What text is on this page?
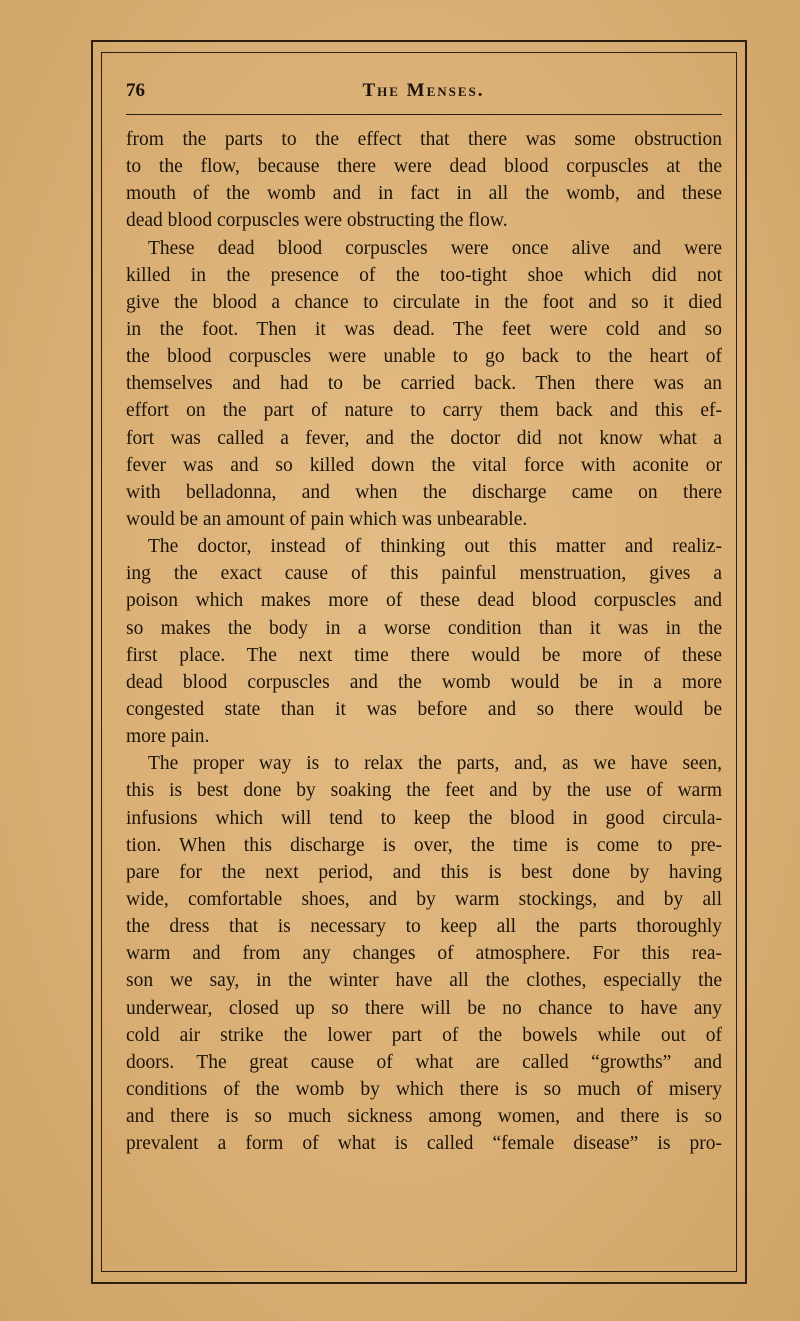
76	The Menses.
from the parts to the effect that there was some obstruction
to the flow, because there were dead blood corpuscles at the
mouth of the womb and in fact in all the womb, and these
dead blood corpuscles were obstructing the flow.
These dead blood corpuscles were once alive and were
killed in the presence of the too-tight shoe which did not
give the blood a chance to circulate in the foot and so it died
in the foot. Then it was dead. The feet were cold and so
the blood corpuscles were unable to go back to the heart of
themselves and had to be carried back. Then there was an
effort on the part of nature to carry them back and this ef-
fort was called a fever, and the doctor did not know what a
fever was and so killed down the vital force with aconite or
with belladonna, and when the discharge came on there
would be an amount of pain which was unbearable.
The doctor, instead of thinking out this matter and realiz-
ing the exact cause of this painful menstruation, gives a
poison which makes more of these dead blood corpuscles and
so makes the body in a worse condition than it was in the
first place. The next time there would be more of these
dead blood corpuscles and the womb would be in a more
congested state than it was before and so there would be
more pain.
The proper way is to relax the parts, and, as we have seen,
this is best done by soaking the feet and by the use of warm
infusions which will tend to keep the blood in good circula-
tion. When this discharge is over, the time is come to pre-
pare for the next period, and this is best done by having
wide, comfortable shoes, and by warm stockings, and by all
the dress that is necessary to keep all the parts thoroughly
warm and from any changes of atmosphere. For this rea-
son we say, in the winter have all the clothes, especially the
underwear, closed up so there will be no chance to have any
cold air strike the lower part of the bowels while out of
doors. The great cause of what are called “growths” and
conditions of the womb by which there is so much of misery
and there is so much sickness among women, and there is so
prevalent a form of what is called “female disease” is pro-
